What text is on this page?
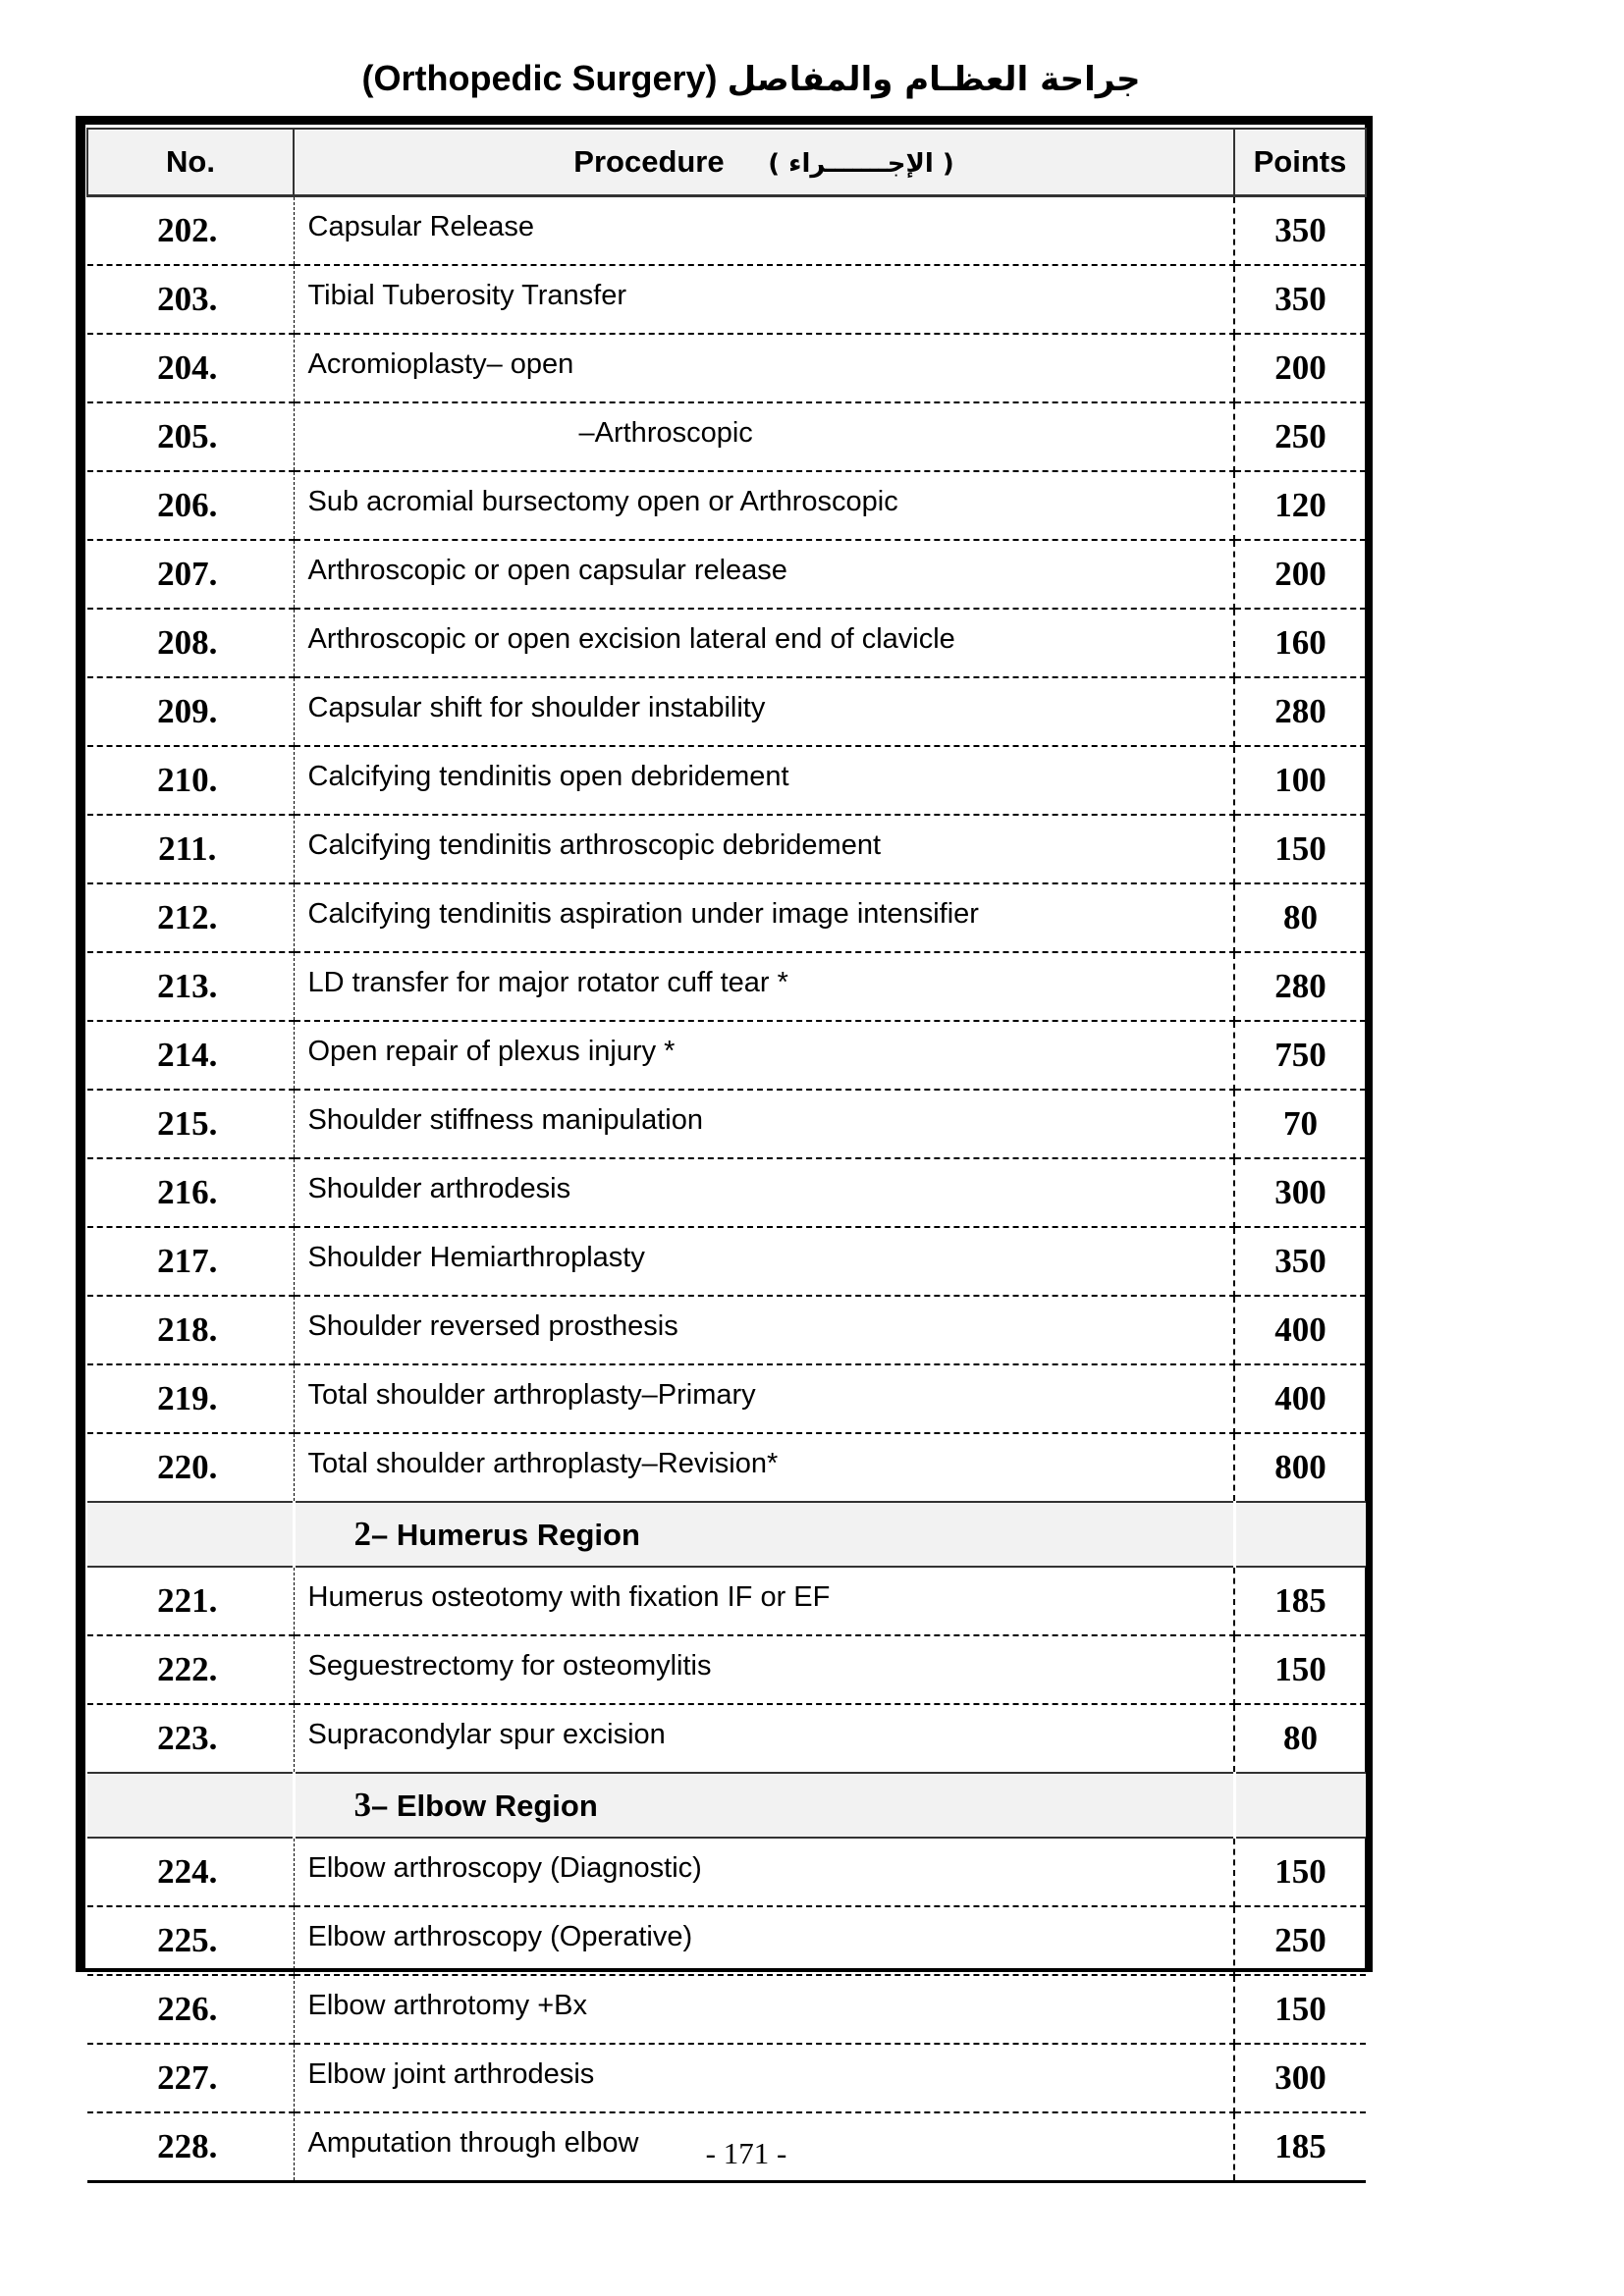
(Orthopedic Surgery) جراحة العظـام والمفاصل
No.	Procedure ( الإجـــــــراء )	Points
202.	Capsular Release	350
203.	Tibial Tuberosity Transfer	350
204.	Acromioplasty– open	200
205.	–Arthroscopic	250
206.	Sub acromial bursectomy open or Arthroscopic	120
207.	Arthroscopic or open capsular release	200
208.	Arthroscopic or open excision lateral end of clavicle	160
209.	Capsular shift for shoulder instability	280
210.	Calcifying tendinitis open debridement	100
211.	Calcifying tendinitis arthroscopic debridement	150
212.	Calcifying tendinitis aspiration under image intensifier	80
213.	LD transfer for major rotator cuff tear *	280
214.	Open repair of plexus injury *	750
215.	Shoulder stiffness manipulation	70
216.	Shoulder arthrodesis	300
217.	Shoulder Hemiarthroplasty	350
218.	Shoulder reversed prosthesis	400
219.	Total shoulder arthroplasty–Primary	400
220.	Total shoulder arthroplasty–Revision*	800
	2– Humerus Region	
221.	Humerus osteotomy with fixation IF or EF	185
222.	Seguestrectomy for osteomylitis	150
223.	Supracondylar spur excision	80
	3– Elbow Region	
224.	Elbow arthroscopy (Diagnostic)	150
225.	Elbow arthroscopy (Operative)	250
226.	Elbow arthrotomy +Bx	150
227.	Elbow joint arthrodesis	300
228.	Amputation through elbow	185
- 171 -
